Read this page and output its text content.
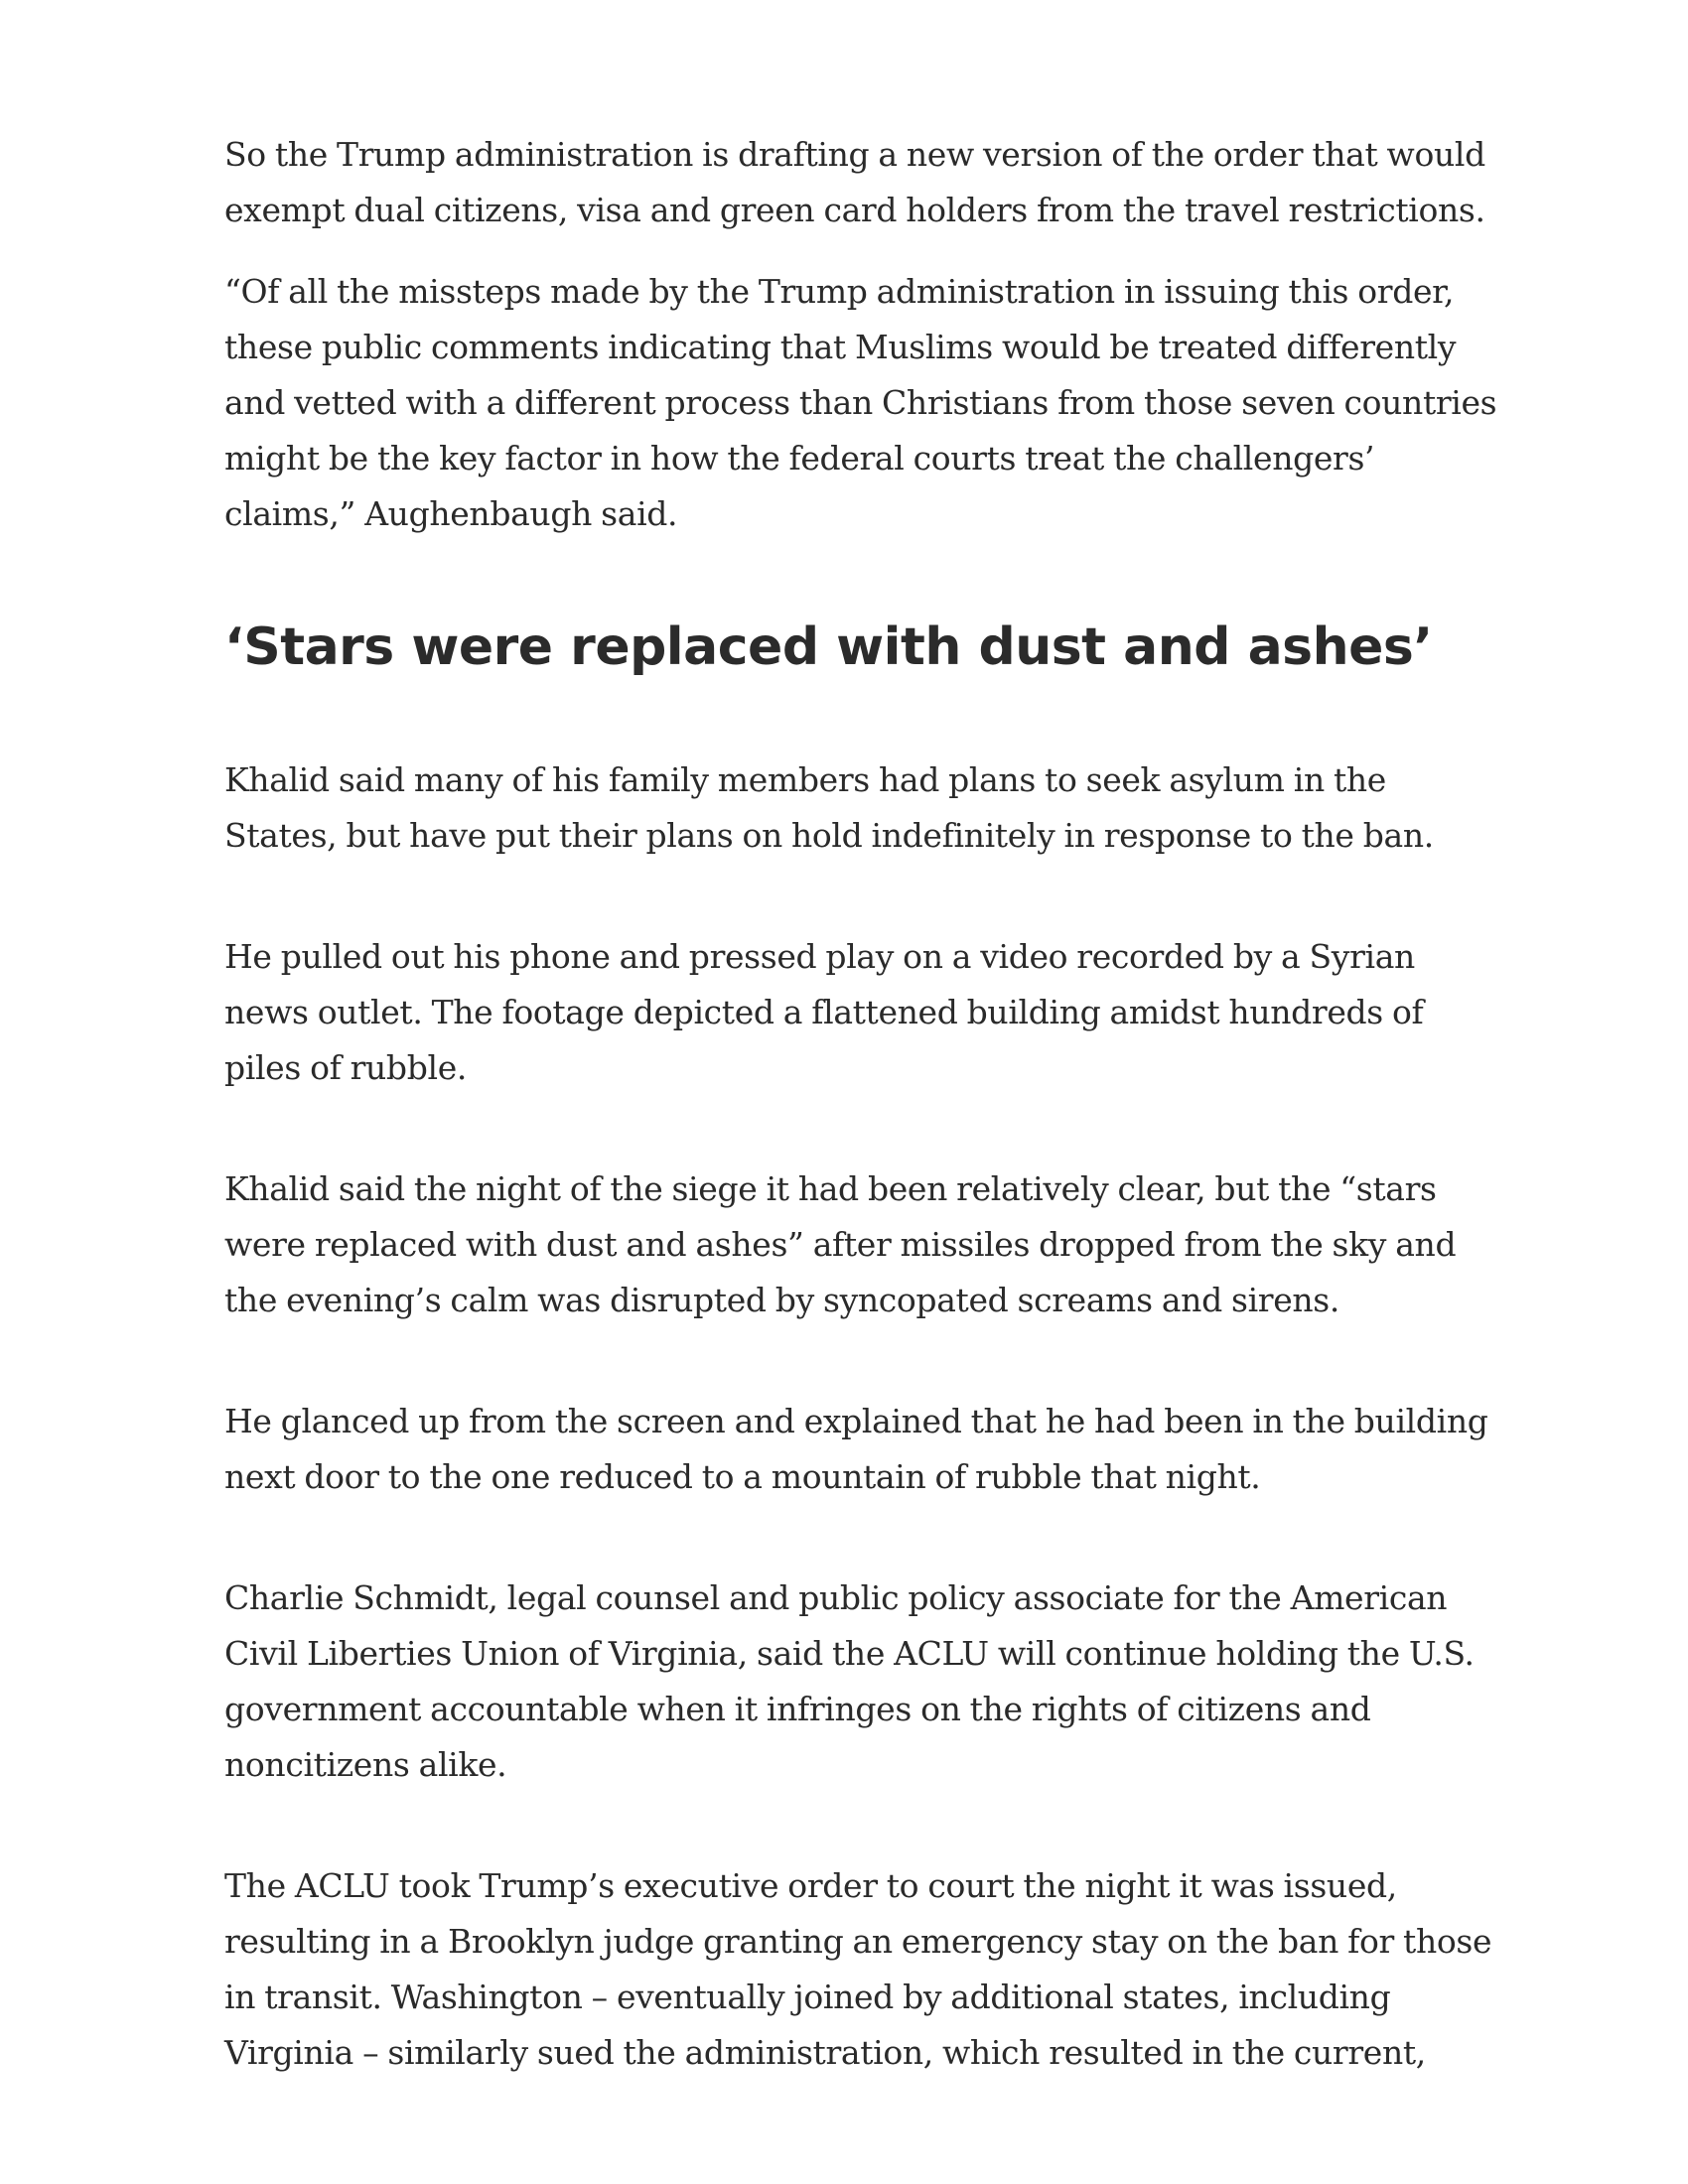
So the Trump administration is drafting a new version of the order that would exempt dual citizens, visa and green card holders from the travel restrictions.

“Of all the missteps made by the Trump administration in issuing this order, these public comments indicating that Muslims would be treated differently and vetted with a different process than Christians from those seven countries might be the key factor in how the federal courts treat the challengers’ claims,” Aughenbaugh said.

‘Stars were replaced with dust and ashes’

Khalid said many of his family members had plans to seek asylum in the States, but have put their plans on hold indefinitely in response to the ban.

He pulled out his phone and pressed play on a video recorded by a Syrian news outlet. The footage depicted a flattened building amidst hundreds of piles of rubble.

Khalid said the night of the siege it had been relatively clear, but the “stars were replaced with dust and ashes” after missiles dropped from the sky and the evening’s calm was disrupted by syncopated screams and sirens.

He glanced up from the screen and explained that he had been in the building next door to the one reduced to a mountain of rubble that night.

Charlie Schmidt, legal counsel and public policy associate for the American Civil Liberties Union of Virginia, said the ACLU will continue holding the U.S. government accountable when it infringes on the rights of citizens and noncitizens alike.

The ACLU took Trump’s executive order to court the night it was issued, resulting in a Brooklyn judge granting an emergency stay on the ban for those in transit. Washington – eventually joined by additional states, including Virginia – similarly sued the administration, which resulted in the current,
